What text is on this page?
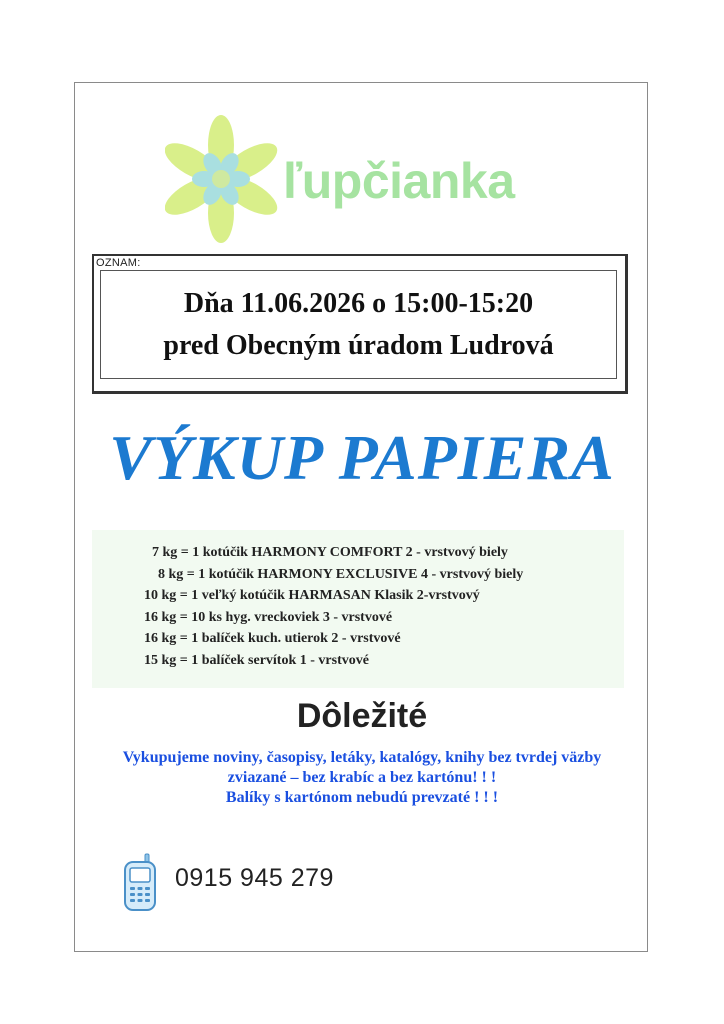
ľupčianka
OZNAM:
Dňa 11.06.2026 o 15:00-15:20
pred Obecným úradom Ludrová
VÝKUP PAPIERA
7 kg = 1 kotúčik HARMONY COMFORT 2 - vrstvový biely
8 kg = 1 kotúčik HARMONY EXCLUSIVE 4 - vrstvový biely
10 kg = 1 veľký kotúčik HARMASAN Klasik 2-vrstvový
16 kg = 10 ks hyg. vreckoviek 3 - vrstvové
16 kg = 1 balíček kuch. utierok 2 - vrstvové
15 kg = 1 balíček servítok 1 - vrstvové
Dôležité
Vykupujeme noviny, časopisy, letáky, katalógy, knihy bez tvrdej väzby
zviazané – bez krabíc a bez kartónu! ! !
Balíky s kartónom nebudú prevzaté ! ! !
0915 945 279
